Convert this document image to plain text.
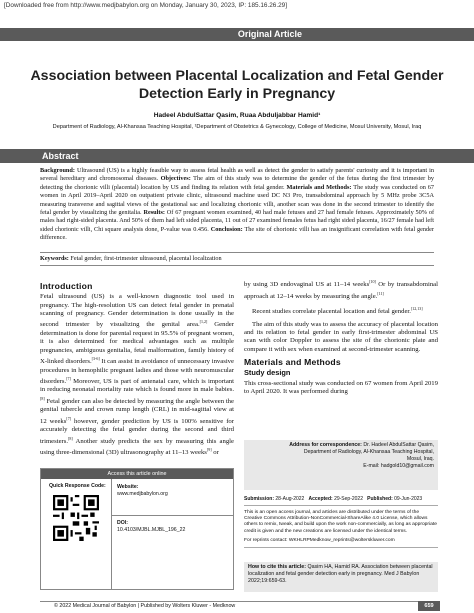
[Downloaded free from http://www.medjbabylon.org on Monday, January 30, 2023, IP: 185.16.26.29]
Original Article
Association between Placental Localization and Fetal Gender Detection Early in Pregnancy
Hadeel AbdulSattar Qasim, Ruaa Abduljabbar Hamid¹
Department of Radiology, Al-Khansaa Teaching Hospital, ¹Department of Obstetrics & Gynecology, College of Medicine, Mosul University, Mosul, Iraq
Abstract
Background: Ultrasound (US) is a highly feasible way to assess fetal health as well as detect the gender to satisfy parents' curiosity and it is important in several hereditary and chromosomal diseases. Objectives: The aim of this study was to determine the gender of the fetus during the first trimester by detecting the chorionic villi (placental) location by US and finding its relation with fetal gender. Materials and Methods: The study was conducted on 67 women in April 2019–April 2020 on outpatient private clinic, ultrasound machine used DC N3 Pro, transabdominal approach by 5 MHz probe 3C5A measuring transverse and sagittal views of the gestational sac and localizing chorionic villi, another scan was done in the second trimester to identify the fetal gender by visualizing the genitalia. Results: Of 67 pregnant women examined, 40 had male fetuses and 27 had female fetuses. Approximately 50% of males had right-sided placenta. And 50% of them had left sided placenta, 11 out of 27 examined females fetus had right sided placenta, 16/27 female had left sided chorionic villi, Chi square analysis done, P-value was 0.456. Conclusion: The site of chorionic villi has an insignificant correlation with fetal gender difference.
Keywords: Fetal gender, first-trimester ultrasound, placental localization
Introduction
Fetal ultrasound (US) is a well-known diagnostic tool used in pregnancy. The high-resolution US can detect fetal gender in prenatal scanning of pregnancy. Gender determination is done usually in the second trimester by visualizing the genital area.[1,2] Gender determination is done for parental request in 95.5% of pregnant women, it is also determined for medical advantages such as multiple pregnancies, ambiguous genitalia, fetal malformation, family history of X-linked disorders.[3-6] It can assist in avoidance of unnecessary invasive procedures in hemophilic pregnant ladies and those with neuromuscular disorders.[7] Moreover, US is part of antenatal care, which is important in reducing neonatal mortality rate which is found more in male babies.[8] Fetal gender can also be detected by measuring the angle between the genital tubercle and crown rump length (CRL) in mid-sagittal view at 12 weeks[7] however, gender prediction by US is 100% sensitive for accurately detecting the fetal gender during the second and third trimesters.[8] Another study predicts the sex by measuring this angle using three-dimensional (3D) ultrasonography at 11–13 weeks[9] or
by using 3D endovaginal US at 11–14 weeks[10] Or by transabdominal approach at 12–14 weeks by measuring the angle.[11]
Recent studies correlate placental location and fetal gender.[12,13]
The aim of this study was to assess the accuracy of placental location and its relation to fetal gender in early first-trimester abdominal US scan with color Doppler to assess the site of the chorionic plate and compare it with sex when examined at second-trimester scanning.
Materials and Methods
Study design
This cross-sectional study was conducted on 67 women from April 2019 to April 2020. It was performed during
Address for correspondence: Dr. Hadeel AbdulSattar Qasim,
Department of Radiology, Al-Khansaa Teaching Hospital,
Mosul, Iraq.
E-mail: hadgold10@gmail.com
Submission: 28-Aug-2022 Accepted: 29-Sep-2022 Published: 09-Jun-2023
This is an open access journal, and articles are distributed under the terms of the Creative Commons Attribution-NonCommercial-ShareAlike 4.0 License, which allows others to remix, tweak, and build upon the work non-commercially, as long as appropriate credit is given and the new creations are licensed under the identical terms.
For reprints contact: WKHLRPMedknow_reprints@wolterskluwer.com
How to cite this article: Qasim HA, Hamid RA. Association between placental localization and fetal gender detection early in pregnancy. Med J Babylon 2022;19:659-63.
Access this article online
Quick Response Code: Website:
www.medjbabylon.org
DOI:
10.4103/MJBL.MJBL_196_22
© 2022 Medical Journal of Babylon | Published by Wolters Kluwer - Medknow	659
